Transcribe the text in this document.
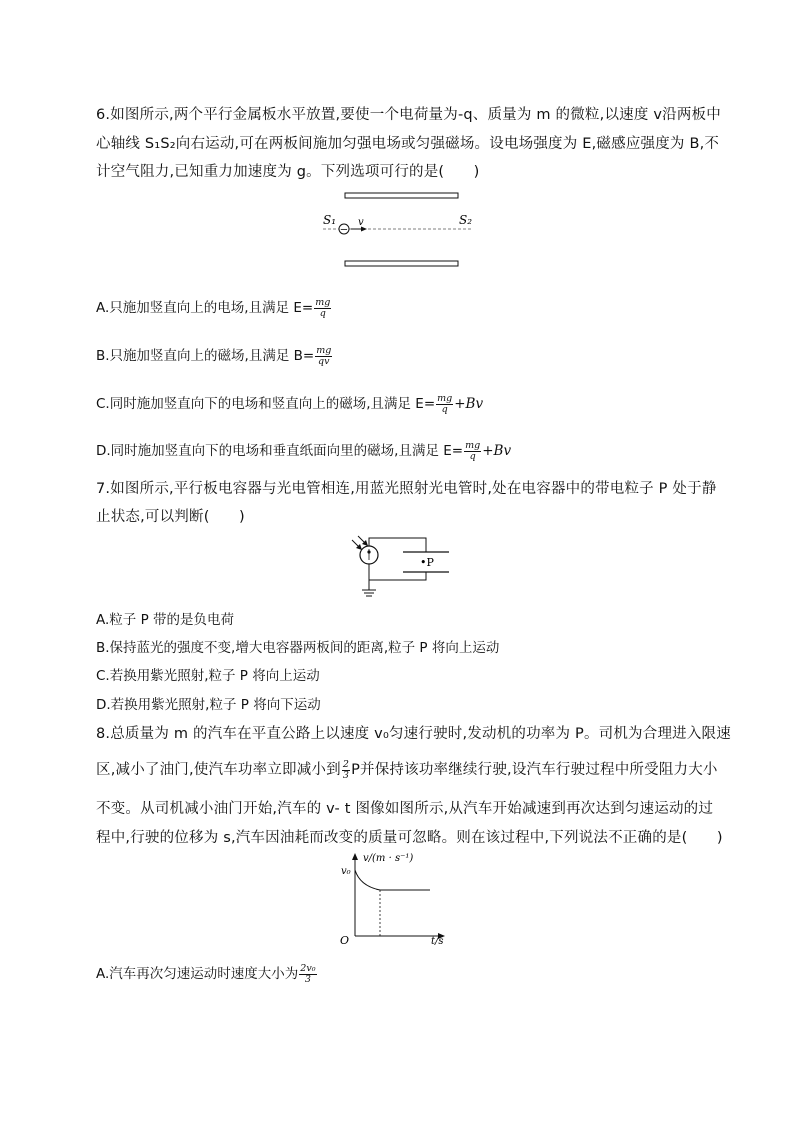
6.如图所示,两个平行金属板水平放置,要使一个电荷量为-q、质量为 m 的微粒,以速度 v沿两板中
心轴线 S₁S₂向右运动,可在两板间施加匀强电场或匀强磁场。设电场强度为 E,磁感应强度为 B,不
计空气阻力,已知重力加速度为 g。下列选项可行的是(　　)
−
S₁	S₂
v
A.只施加竖直向上的电场,且满足 $E= \frac{mg}{q}$
B.只施加竖直向上的磁场,且满足 $B= \frac{mg}{qv}$
C.同时施加竖直向下的电场和竖直向上的磁场,且满足 $E= \frac{mg}{q} +Bv$
D.同时施加竖直向下的电场和垂直纸面向里的磁场,且满足 $E= \frac{mg}{q} +Bv$
7.如图所示,平行板电容器与光电管相连,用蓝光照射光电管时,处在电容器中的带电粒子 P 处于静
止状态,可以判断(　　)
•P
A.粒子 P 带的是负电荷
B.保持蓝光的强度不变,增大电容器两板间的距离,粒子 P 将向上运动
C.若换用紫光照射,粒子 P 将向上运动
D.若换用紫光照射,粒子 P 将向下运动
8.总质量为 m 的汽车在平直公路上以速度 v₀匀速行驶时,发动机的功率为 P。司机为合理进入限速
区,减小了油门,使汽车功率立即减小到 $\frac{2}{3}$ P并保持该功率继续行驶,设汽车行驶过程中所受阻力大小
不变。从司机减小油门开始,汽车的 v- t 图像如图所示,从汽车开始减速到再次达到匀速运动的过
程中,行驶的位移为 s,汽车因油耗而改变的质量可忽略。则在该过程中,下列说法不正确的是(　　)
v/(m · s⁻¹)
v₀
O	t/s
A.汽车再次匀速运动时速度大小为 $\frac{\text{2v₀}}{3}$
